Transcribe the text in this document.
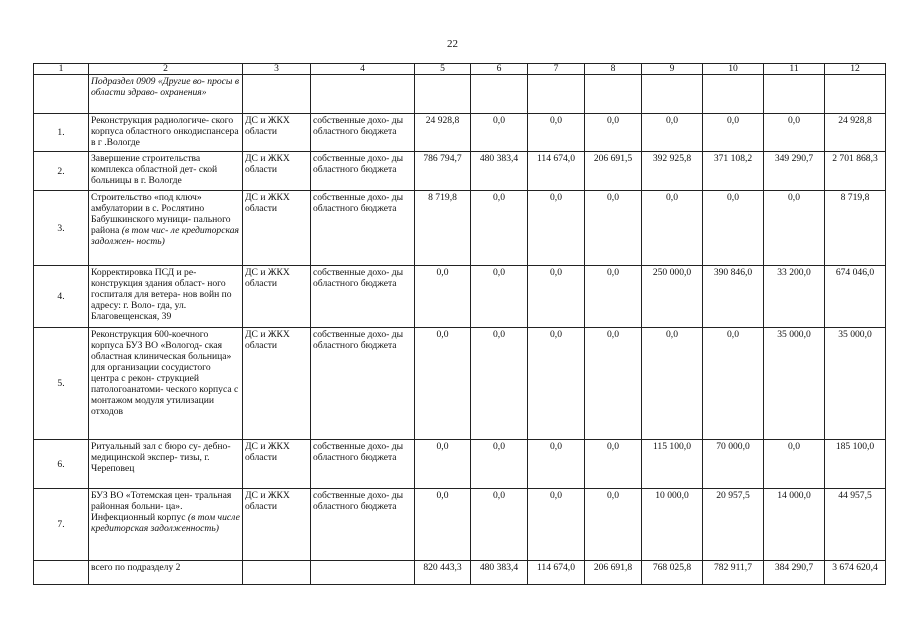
22
1	2	3	4	5	6	7	8	9	10	11	12
	Подраздел 0909 «Другие во- просы в области здраво- охранения»										
1.	Реконструкция радиологиче- ского корпуса областного онкодиспансера в г .Вологде	ДС и ЖКХ области	собственные дохо- ды областного бюджета	24 928,8	0,0	0,0	0,0	0,0	0,0	0,0	24 928,8
2.	Завершение строительства комплекса областной дет- ской больницы в г. Вологде	ДС и ЖКХ области	собственные дохо- ды областного бюджета	786 794,7	480 383,4	114 674,0	206 691,5	392 925,8	371 108,2	349 290,7	2 701 868,3
3.	Строительство «под ключ» амбулатории в с. Рослятино Бабушкинского муници- пального района (в том чис- ле кредиторская задолжен- ность)	ДС и ЖКХ области	собственные дохо- ды областного бюджета	8 719,8	0,0	0,0	0,0	0,0	0,0	0,0	8 719,8
4.	Корректировка ПСД и ре- конструкция здания област- ного госпиталя для ветера- нов войн по адресу: г. Воло- гда, ул. Благовещенская, 39	ДС и ЖКХ области	собственные дохо- ды областного бюджета	0,0	0,0	0,0	0,0	250 000,0	390 846,0	33 200,0	674 046,0
5.	Реконструкция 600-коечного корпуса БУЗ ВО «Вологод- ская областная клиническая больница» для организации сосудистого центра с рекон- струкцией патологоанатоми- ческого корпуса с монтажом модуля утилизации отходов	ДС и ЖКХ области	собственные дохо- ды областного бюджета	0,0	0,0	0,0	0,0	0,0	0,0	35 000,0	35 000,0
6.	Ритуальный зал с бюро су- дебно-медицинской экспер- тизы, г. Череповец	ДС и ЖКХ области	собственные дохо- ды областного бюджета	0,0	0,0	0,0	0,0	115 100,0	70 000,0	0,0	185 100,0
7.	БУЗ ВО «Тотемская цен- тральная районная больни- ца». Инфекционный корпус (в том числе кредиторская задолженность)	ДС и ЖКХ области	собственные дохо- ды областного бюджета	0,0	0,0	0,0	0,0	10 000,0	20 957,5	14 000,0	44 957,5
	всего по подразделу 2			820 443,3	480 383,4	114 674,0	206 691,8	768 025,8	782 911,7	384 290,7	3 674 620,4
